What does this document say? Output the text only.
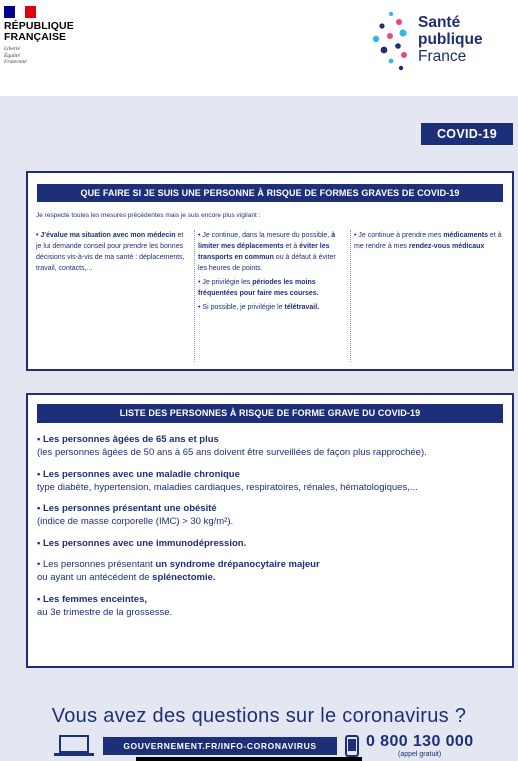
RÉPUBLIQUE
FRANÇAISE
Liberté
Égalité
Fraternité
Santé
publique
France
COVID-19
QUE FAIRE SI JE SUIS UNE PERSONNE À RISQUE DE FORMES GRAVES DE COVID-19
Je respecte toutes les mesures précédentes mais je suis encore plus vigilant :

• J'évalue ma situation avec mon médecin et je lui demande conseil pour prendre les bonnes décisions vis-à-vis de ma santé : déplacements, travail, contacts,...

• Je continue, dans la mesure du possible, à limiter mes déplacements et à éviter les transports en commun ou à défaut à éviter les heures de points.

• Je privilégie les périodes les moins fréquentées pour faire mes courses.

• Si possible, je privilégie le télétravail.

• Je continue à prendre mes médicaments et à me rendre à mes rendez-vous médicaux

LISTE DES PERSONNES À RISQUE DE FORME GRAVE DU COVID-19
• Les personnes âgées de 65 ans et plus
(les personnes âgées de 50 ans à 65 ans doivent être surveillées de façon plus rapprochée).
• Les personnes avec une maladie chronique
type diabète, hypertension, maladies cardiaques, respiratoires, rénales, hématologiques,...
• Les personnes présentant une obésité
(indice de masse corporelle (IMC) > 30 kg/m²).
• Les personnes avec une immunodépression.
• Les personnes présentant un syndrome drépanocytaire majeur
ou ayant un antécédent de splénectomie.
• Les femmes enceintes,
au 3e trimestre de la grossesse.
Vous avez des questions sur le coronavirus ?
GOUVERNEMENT.FR/INFO-CORONAVIRUS	0 800 130 000
(appel gratuit)
